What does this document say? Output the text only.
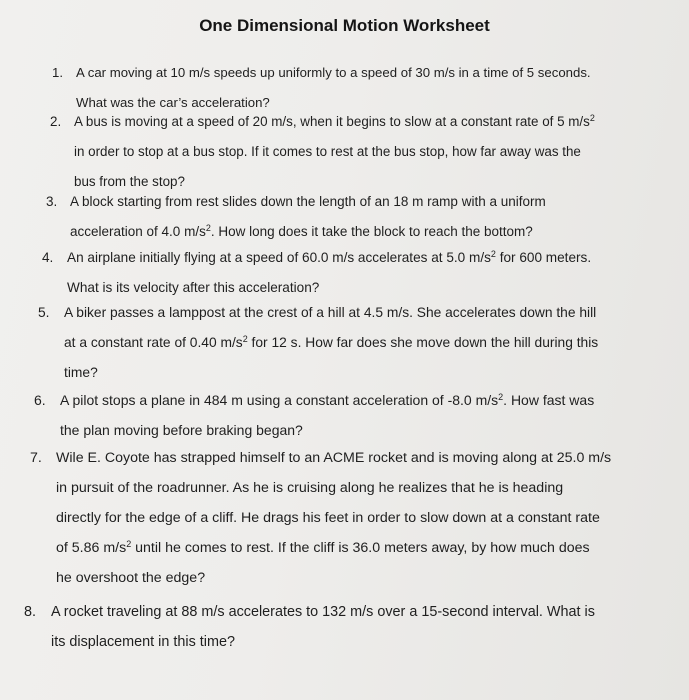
One Dimensional Motion Worksheet
1. A car moving at 10 m/s speeds up uniformly to a speed of 30 m/s in a time of 5 seconds.
What was the car’s acceleration?
2. A bus is moving at a speed of 20 m/s, when it begins to slow at a constant rate of 5 $m/s^2$
in order to stop at a bus stop. If it comes to rest at the bus stop, how far away was the
bus from the stop?
3. A block starting from rest slides down the length of an 18 m ramp with a uniform
acceleration of 4.0 $m/s^2$. How long does it take the block to reach the bottom?
4. An airplane initially flying at a speed of 60.0 m/s accelerates at 5.0 $m/s^2$ for 600 meters.
What is its velocity after this acceleration?
5. A biker passes a lamppost at the crest of a hill at 4.5 m/s. She accelerates down the hill
at a constant rate of 0.40 $m/s^2$ for 12 s. How far does she move down the hill during this
time?
6. A pilot stops a plane in 484 m using a constant acceleration of -8.0 $m/s^2$. How fast was
the plan moving before braking began?
7. Wile E. Coyote has strapped himself to an ACME rocket and is moving along at 25.0 m/s
in pursuit of the roadrunner. As he is cruising along he realizes that he is heading
directly for the edge of a cliff. He drags his feet in order to slow down at a constant rate
of 5.86 $m/s^2$ until he comes to rest. If the cliff is 36.0 meters away, by how much does
he overshoot the edge?
8. A rocket traveling at 88 m/s accelerates to 132 m/s over a 15-second interval. What is
its displacement in this time?
